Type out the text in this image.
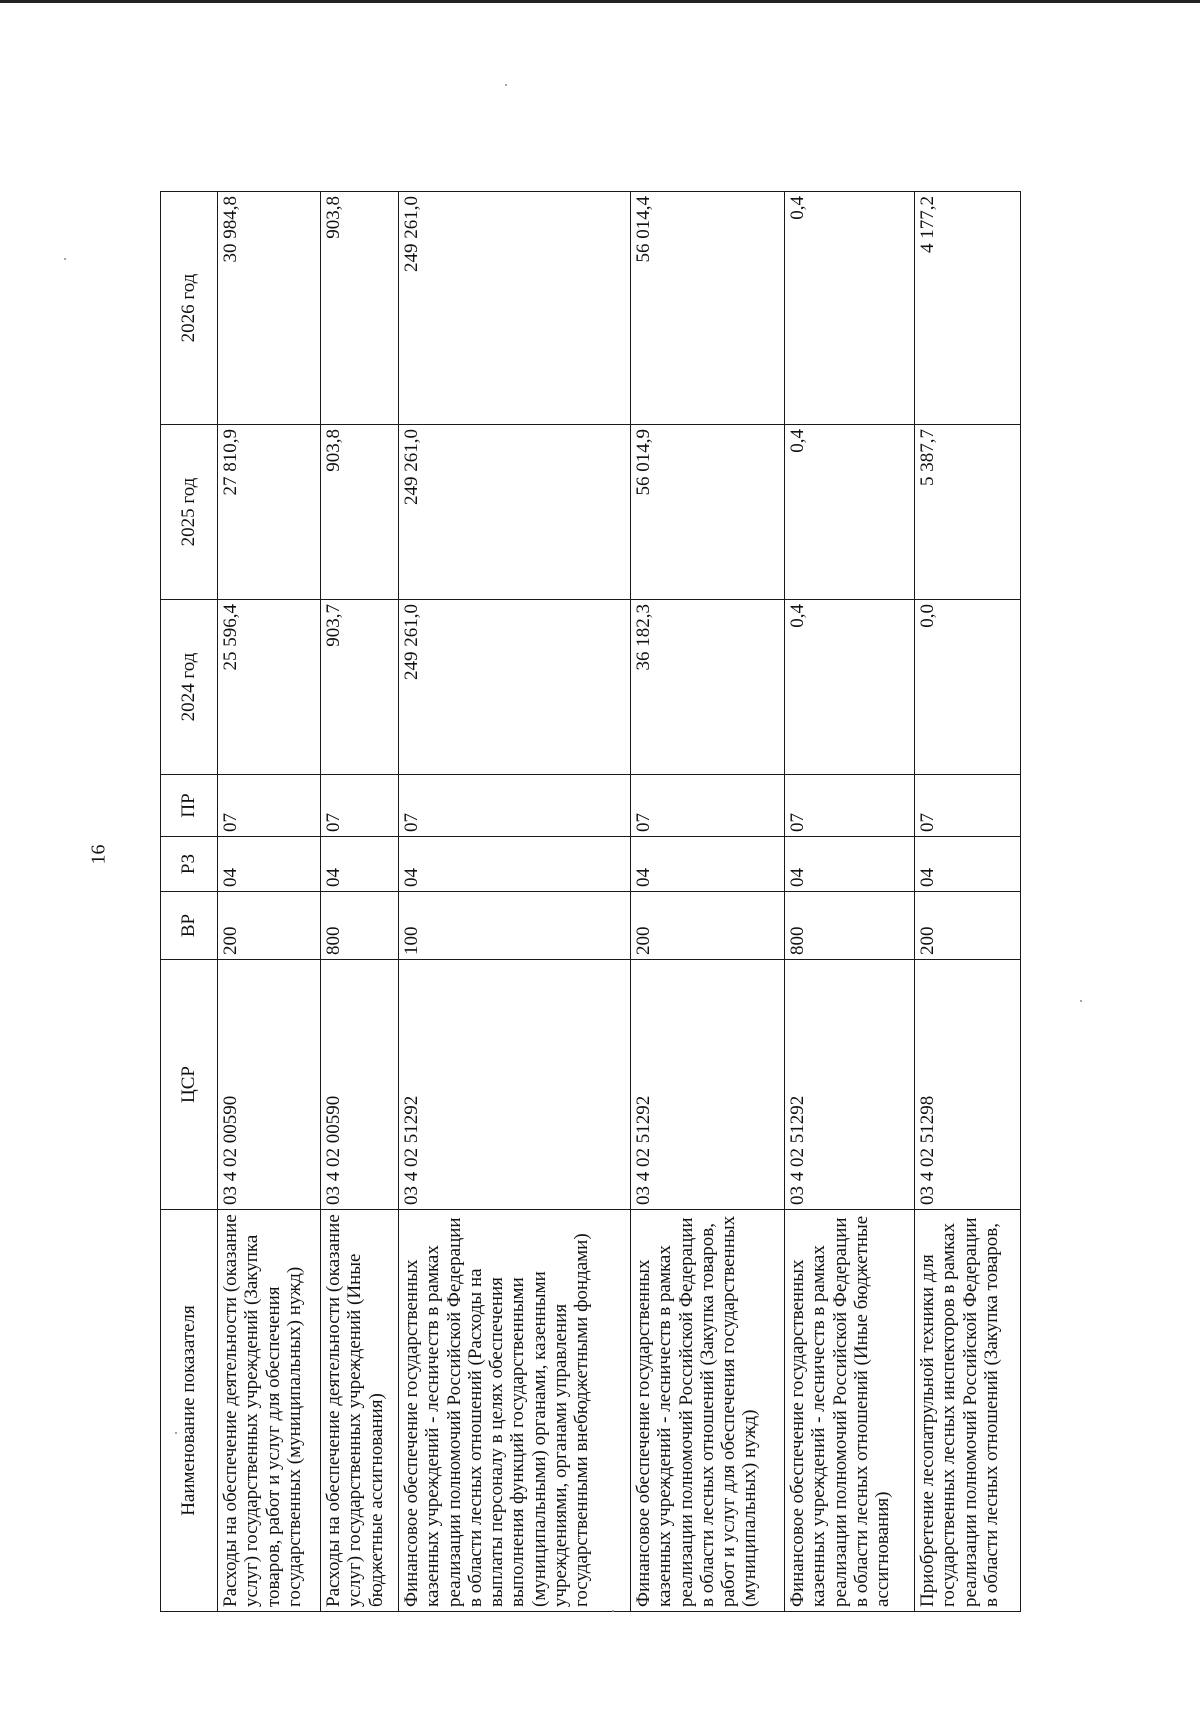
16
Наименование показателя	ЦСР	ВР	РЗ	ПР	2024 год	2025 год	2026 год
Расходы на обеспечение деятельности (оказание услуг) государственных учреждений (Закупка товаров, работ и услуг для обеспечения государственных (муниципальных) нужд)	03 4 02 00590	200	04	07	25 596,4	27 810,9	30 984,8
Расходы на обеспечение деятельности (оказание услуг) государственных учреждений (Иные бюджетные ассигнования)	03 4 02 00590	800	04	07	903,7	903,8	903,8
Финансовое обеспечение государственных казенных учреждений - лесничеств в рамках реализации полномочий Российской Федерации в области лесных отношений (Расходы на выплаты персоналу в целях обеспечения выполнения функций государственными (муниципальными) органами, казенными учреждениями, органами управления государственными внебюджетными фондами)	03 4 02 51292	100	04	07	249 261,0	249 261,0	249 261,0
Финансовое обеспечение государственных казенных учреждений - лесничеств в рамках реализации полномочий Российской Федерации в области лесных отношений (Закупка товаров, работ и услуг для обеспечения государственных (муниципальных) нужд)	03 4 02 51292	200	04	07	36 182,3	56 014,9	56 014,4
Финансовое обеспечение государственных казенных учреждений - лесничеств в рамках реализации полномочий Российской Федерации в области лесных отношений (Иные бюджетные ассигнования)	03 4 02 51292	800	04	07	0,4	0,4	0,4
Приобретение лесопатрульной техники для государственных лесных инспекторов в рамках реализации полномочий Российской Федерации в области лесных отношений (Закупка товаров,	03 4 02 51298	200	04	07	0,0	5 387,7	4 177,2
